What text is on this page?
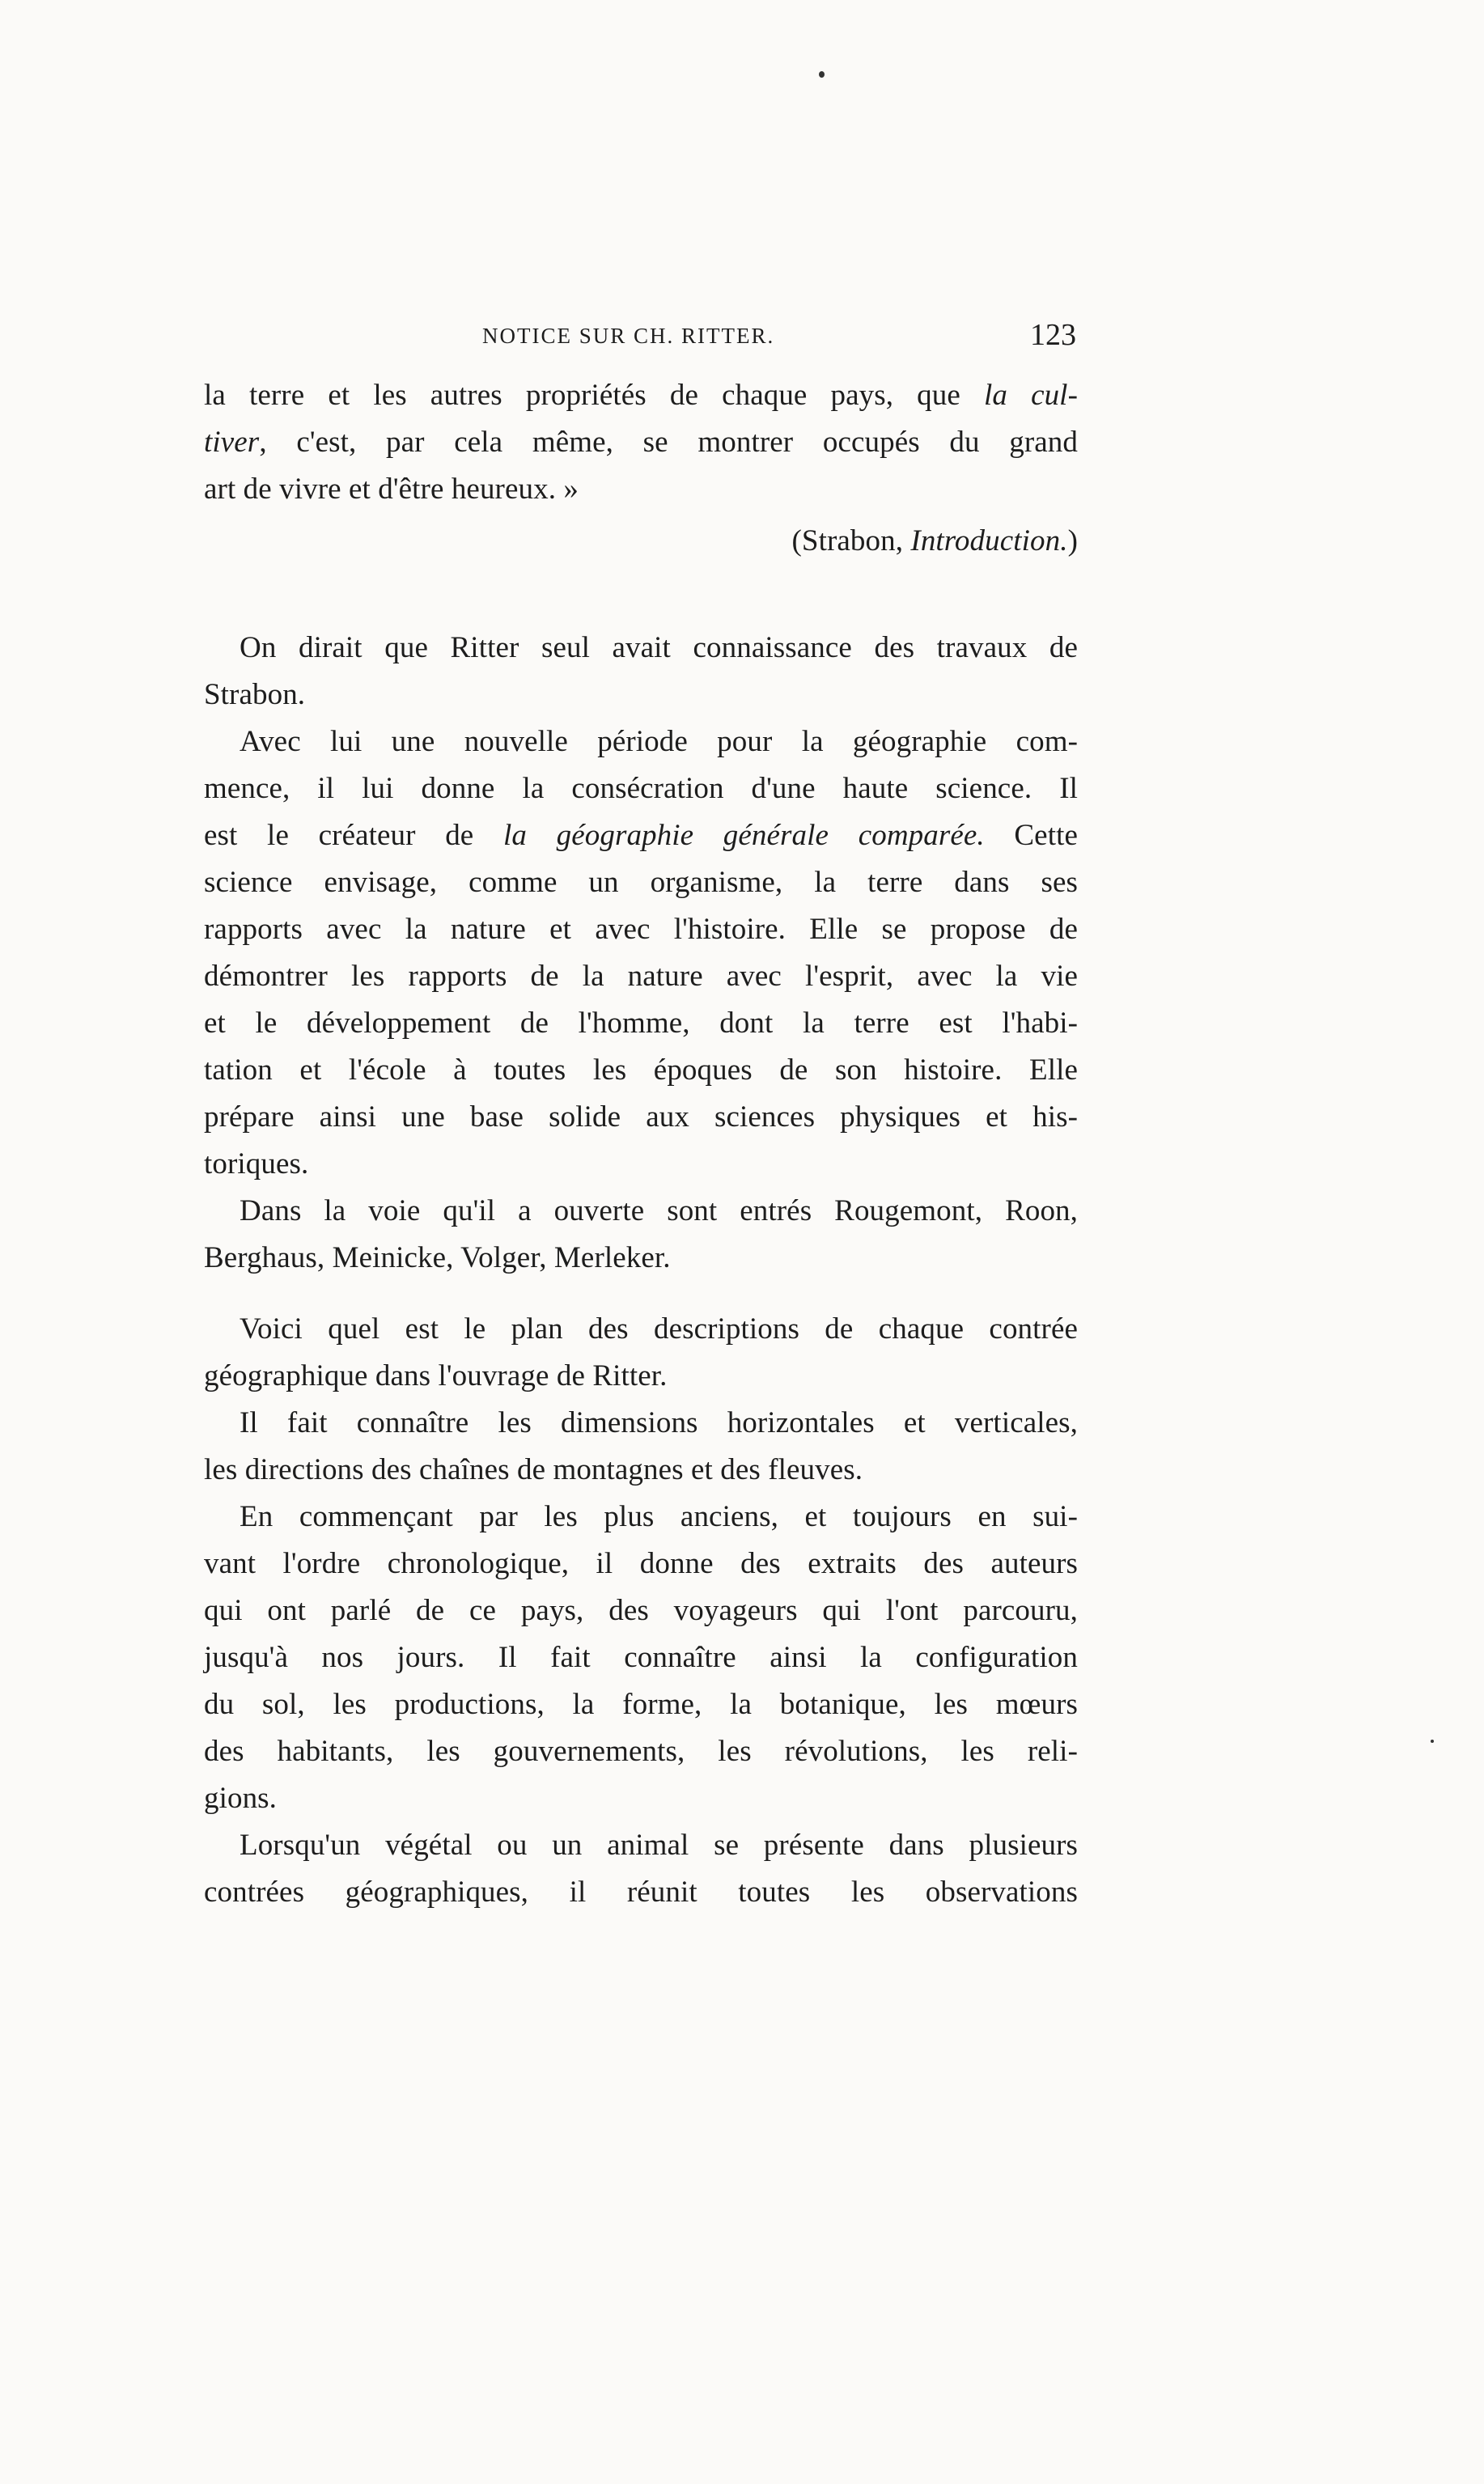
NOTICE SUR CH. RITTER.	123
la terre et les autres propriétés de chaque pays, que la cul-
tiver, c'est, par cela même, se montrer occupés du grand
art de vivre et d'être heureux. »
(Strabon, Introduction.)
On dirait que Ritter seul avait connaissance des travaux de
Strabon.
Avec lui une nouvelle période pour la géographie com-
mence, il lui donne la consécration d'une haute science. Il
est le créateur de la géographie générale comparée. Cette
science envisage, comme un organisme, la terre dans ses
rapports avec la nature et avec l'histoire. Elle se propose de
démontrer les rapports de la nature avec l'esprit, avec la vie
et le développement de l'homme, dont la terre est l'habi-
tation et l'école à toutes les époques de son histoire. Elle
prépare ainsi une base solide aux sciences physiques et his-
toriques.
Dans la voie qu'il a ouverte sont entrés Rougemont, Roon,
Berghaus, Meinicke, Volger, Merleker.
Voici quel est le plan des descriptions de chaque contrée
géographique dans l'ouvrage de Ritter.
Il fait connaître les dimensions horizontales et verticales,
les directions des chaînes de montagnes et des fleuves.
En commençant par les plus anciens, et toujours en sui-
vant l'ordre chronologique, il donne des extraits des auteurs
qui ont parlé de ce pays, des voyageurs qui l'ont parcouru,
jusqu'à nos jours. Il fait connaître ainsi la configuration
du sol, les productions, la forme, la botanique, les mœurs
des habitants, les gouvernements, les révolutions, les reli-
gions.
Lorsqu'un végétal ou un animal se présente dans plusieurs
contrées géographiques, il réunit toutes les observations
